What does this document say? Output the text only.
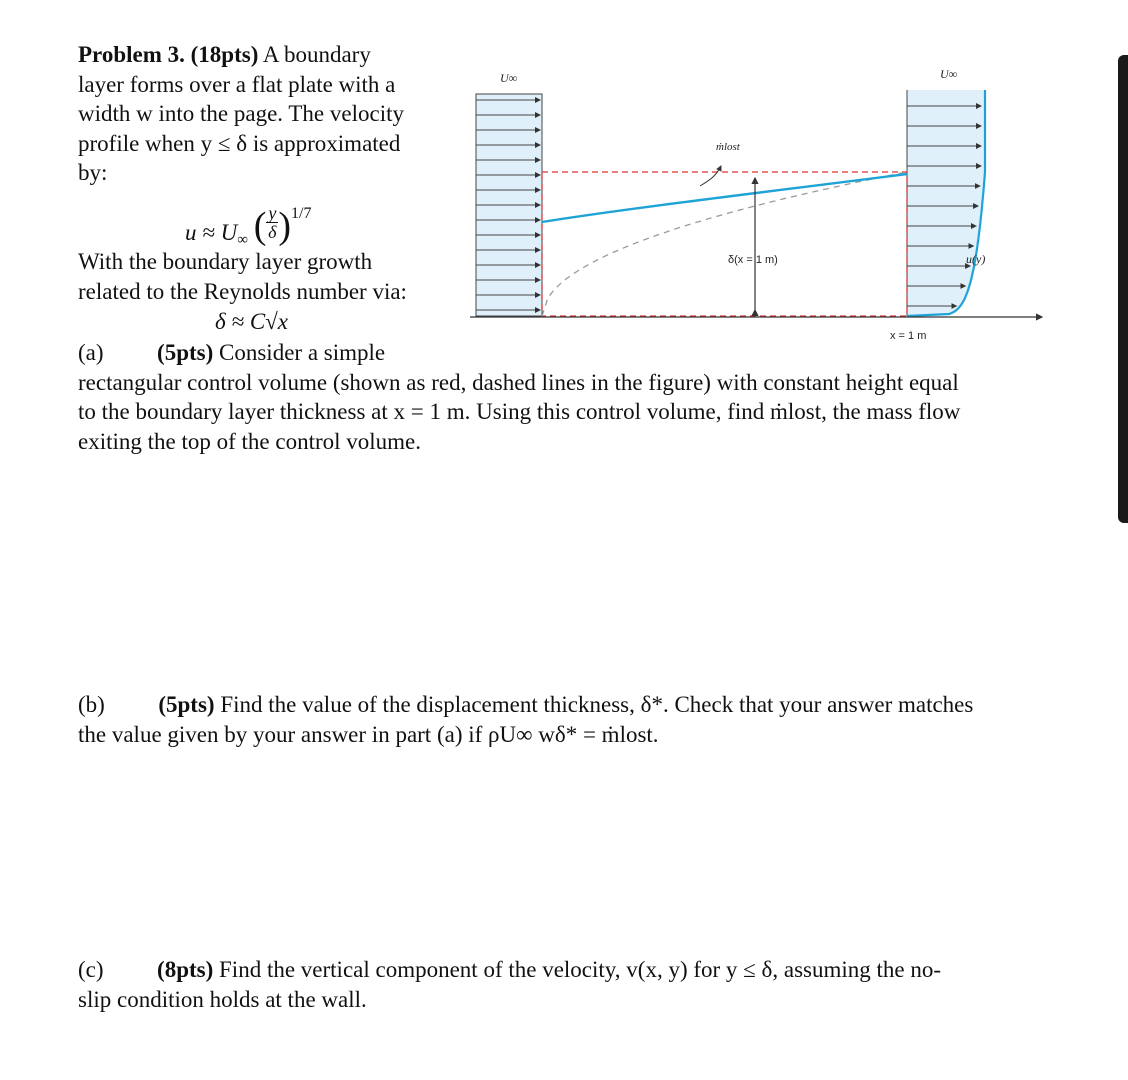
Problem 3. (18pts) A boundary
layer forms over a flat plate with a
width w into the page. The velocity
profile when y ≤ δ is approximated
by:
$u \approx U_\infty$ ( $\frac{y}{\delta} )1/7$
With the boundary layer growth
related to the Reynolds number via:
δ ≈ C√x
(a) (5pts) Consider a simple
rectangular control volume (shown as red, dashed lines in the figure) with constant height equal
to the boundary layer thickness at x = 1 m. Using this control volume, find ṁlost, the mass flow
exiting the top of the control volume.
(b) (5pts) Find the value of the displacement thickness, δ*. Check that your answer matches
the value given by your answer in part (a) if ρU∞ wδ* = ṁlost.
(c) (8pts) Find the vertical component of the velocity, v(x, y) for y ≤ δ, assuming the no-
slip condition holds at the wall.
U∞	U∞
ṁlost
δ(x = 1 m)	u(y)
x = 1 m
